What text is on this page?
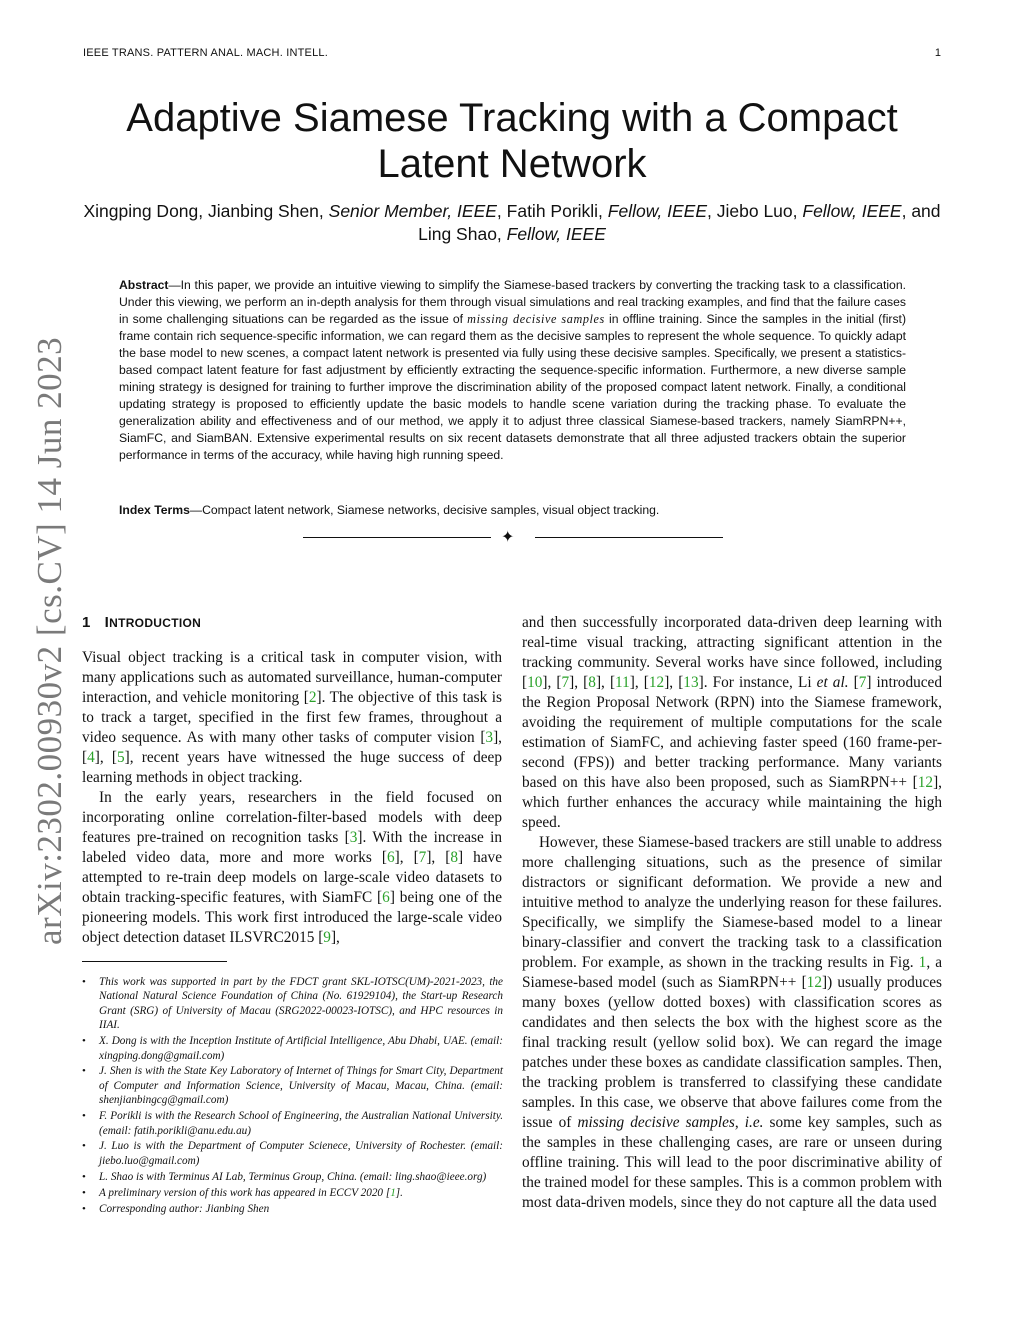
IEEE TRANS. PATTERN ANAL. MACH. INTELL.	1
arXiv:2302.00930v2 [cs.CV] 14 Jun 2023
Adaptive Siamese Tracking with a Compact Latent Network
Xingping Dong, Jianbing Shen, Senior Member, IEEE, Fatih Porikli, Fellow, IEEE, Jiebo Luo, Fellow, IEEE, and Ling Shao, Fellow, IEEE

Abstract—In this paper, we provide an intuitive viewing to simplify the Siamese-based trackers by converting the tracking task to a classification. Under this viewing, we perform an in-depth analysis for them through visual simulations and real tracking examples, and find that the failure cases in some challenging situations can be regarded as the issue of missing decisive samples in offline training. Since the samples in the initial (first) frame contain rich sequence-specific information, we can regard them as the decisive samples to represent the whole sequence. To quickly adapt the base model to new scenes, a compact latent network is presented via fully using these decisive samples. Specifically, we present a statistics-based compact latent feature for fast adjustment by efficiently extracting the sequence-specific information. Furthermore, a new diverse sample mining strategy is designed for training to further improve the discrimination ability of the proposed compact latent network. Finally, a conditional updating strategy is proposed to efficiently update the basic models to handle scene variation during the tracking phase. To evaluate the generalization ability and effectiveness and of our method, we apply it to adjust three classical Siamese-based trackers, namely SiamRPN++, SiamFC, and SiamBAN. Extensive experimental results on six recent datasets demonstrate that all three adjusted trackers obtain the superior performance in terms of the accuracy, while having high running speed.

Index Terms—Compact latent network, Siamese networks, decisive samples, visual object tracking.

✦
1 INTRODUCTION

Visual object tracking is a critical task in computer vision, with many applications such as automated surveillance, human-computer interaction, and vehicle monitoring [2]. The objective of this task is to track a target, specified in the first few frames, throughout a video sequence. As with many other tasks of computer vision [3], [4], [5], recent years have witnessed the huge success of deep learning methods in object tracking.

In the early years, researchers in the field focused on incorporating online correlation-filter-based models with deep features pre-trained on recognition tasks [3]. With the increase in labeled video data, more and more works [6], [7], [8] have attempted to re-train deep models on large-scale video datasets to obtain tracking-specific features, with SiamFC [6] being one of the pioneering models. This work first introduced the large-scale video object detection dataset ILSVRC2015 [9],

• This work was supported in part by the FDCT grant SKL-IOTSC(UM)-2021-2023, the National Natural Science Foundation of China (No. 61929104), the Start-up Research Grant (SRG) of University of Macau (SRG2022-00023-IOTSC), and HPC resources in IIAI.
• X. Dong is with the Inception Institute of Artificial Intelligence, Abu Dhabi, UAE. (email: xingping.dong@gmail.com)
• J. Shen is with the State Key Laboratory of Internet of Things for Smart City, Department of Computer and Information Science, University of Macau, Macau, China. (email: shenjianbingcg@gmail.com)
• F. Porikli is with the Research School of Engineering, the Australian National University. (email: fatih.porikli@anu.edu.au)
• J. Luo is with the Department of Computer Scienece, University of Rochester. (email: jiebo.luo@gmail.com)
• L. Shao is with Terminus AI Lab, Terminus Group, China. (email: ling.shao@ieee.org)
• A preliminary version of this work has appeared in ECCV 2020 [1].
• Corresponding author: Jianbing Shen

and then successfully incorporated data-driven deep learning with real-time visual tracking, attracting significant attention in the tracking community. Several works have since followed, including [10], [7], [8], [11], [12], [13]. For instance, Li et al. [7] introduced the Region Proposal Network (RPN) into the Siamese framework, avoiding the requirement of multiple computations for the scale estimation of SiamFC, and achieving faster speed (160 frame-per-second (FPS)) and better tracking performance. Many variants based on this have also been proposed, such as SiamRPN++ [12], which further enhances the accuracy while maintaining the high speed.

However, these Siamese-based trackers are still unable to address more challenging situations, such as the presence of similar distractors or significant deformation. We provide a new and intuitive method to analyze the underlying reason for these failures. Specifically, we simplify the Siamese-based model to a linear binary-classifier and convert the tracking task to a classification problem. For example, as shown in the tracking results in Fig. 1, a Siamese-based model (such as SiamRPN++ [12]) usually produces many boxes (yellow dotted boxes) with classification scores as candidates and then selects the box with the highest score as the final tracking result (yellow solid box). We can regard the image patches under these boxes as candidate classification samples. Then, the tracking problem is transferred to classifying these candidate samples. In this case, we observe that above failures come from the issue of missing decisive samples, i.e. some key samples, such as the samples in these challenging cases, are rare or unseen during offline training. This will lead to the poor discriminative ability of the trained model for these samples. This is a common problem with most data-driven models, since they do not capture all the data used
